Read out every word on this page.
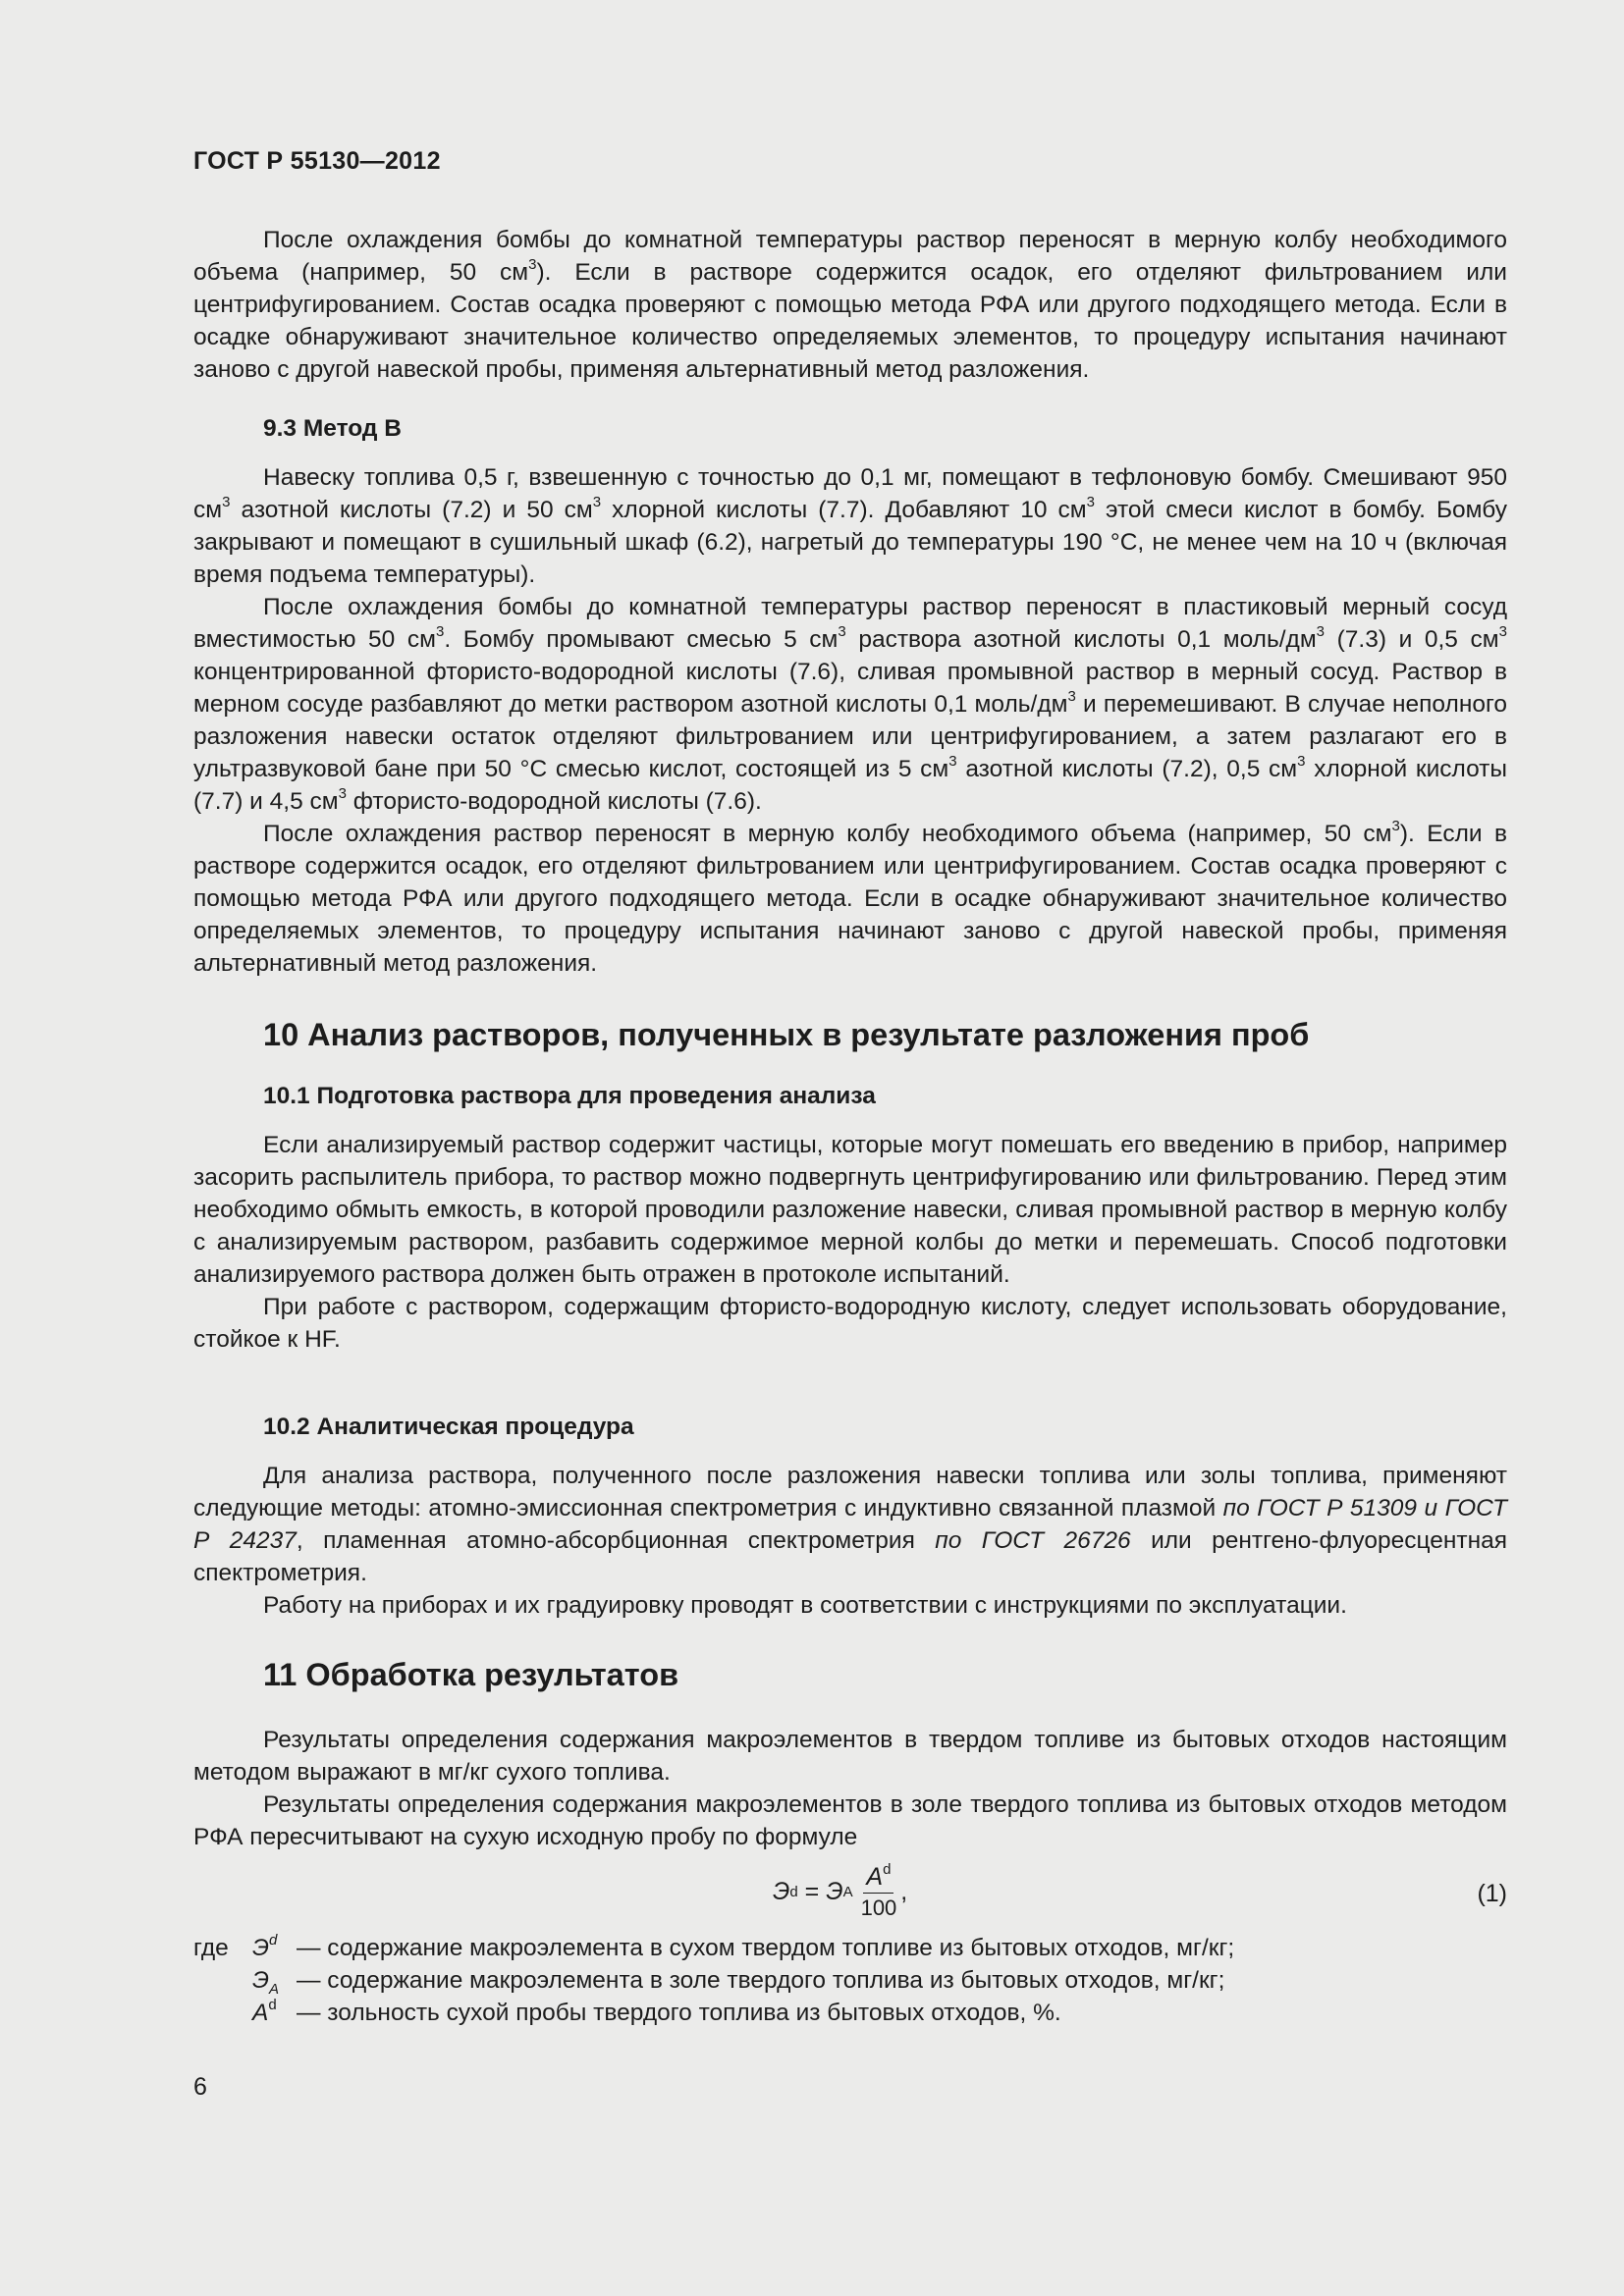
ГОСТ Р 55130—2012

После охлаждения бомбы до комнатной температуры раствор переносят в мерную колбу необходимого объема (например, 50 $см^3$). Если в растворе содержится осадок, его отделяют фильтрованием или центрифугированием. Состав осадка проверяют с помощью метода РФА или другого подходящего метода. Если в осадке обнаруживают значительное количество определяемых элементов, то процедуру испытания начинают заново с другой навеской пробы, применяя альтернативный метод разложения.

9.3 Метод В

Навеску топлива 0,5 г, взвешенную с точностью до 0,1 мг, помещают в тефлоновую бомбу. Смешивают 950 $см^3$ азотной кислоты (7.2) и 50 $см^3$ хлорной кислоты (7.7). Добавляют 10 $см^3$ этой смеси кислот в бомбу. Бомбу закрывают и помещают в сушильный шкаф (6.2), нагретый до температуры 190 °С, не менее чем на 10 ч (включая время подъема температуры).

После охлаждения бомбы до комнатной температуры раствор переносят в пластиковый мерный сосуд вместимостью 50 $см^3$. Бомбу промывают смесью 5 $см^3$ раствора азотной кислоты 0,1 моль/$дм^3$ (7.3) и 0,5 $см^3$ концентрированной фтористо-водородной кислоты (7.6), сливая промывной раствор в мерный сосуд. Раствор в мерном сосуде разбавляют до метки раствором азотной кислоты 0,1 моль/$дм^3$ и перемешивают. В случае неполного разложения навески остаток отделяют фильтрованием или центрифугированием, а затем разлагают его в ультразвуковой бане при 50 °С смесью кислот, состоящей из 5 $см^3$ азотной кислоты (7.2), 0,5 $см^3$ хлорной кислоты (7.7) и 4,5 $см^3$ фтористо-водородной кислоты (7.6).

После охлаждения раствор переносят в мерную колбу необходимого объема (например, 50 $см^3$). Если в растворе содержится осадок, его отделяют фильтрованием или центрифугированием. Состав осадка проверяют с помощью метода РФА или другого подходящего метода. Если в осадке обнаруживают значительное количество определяемых элементов, то процедуру испытания начинают заново с другой навеской пробы, применяя альтернативный метод разложения.

10 Анализ растворов, полученных в результате разложения проб

10.1 Подготовка раствора для проведения анализа

Если анализируемый раствор содержит частицы, которые могут помешать его введению в прибор, например засорить распылитель прибора, то раствор можно подвергнуть центрифугированию или фильтрованию. Перед этим необходимо обмыть емкость, в которой проводили разложение навески, сливая промывной раствор в мерную колбу с анализируемым раствором, разбавить содержимое мерной колбы до метки и перемешать. Способ подготовки анализируемого раствора должен быть отражен в протоколе испытаний.

При работе с раствором, содержащим фтористо-водородную кислоту, следует использовать оборудование, стойкое к HF.

10.2 Аналитическая процедура

Для анализа раствора, полученного после разложения навески топлива или золы топлива, применяют следующие методы: атомно-эмиссионная спектрометрия с индуктивно связанной плазмой по ГОСТ Р 51309 и ГОСТ Р 24237, пламенная атомно-абсорбционная спектрометрия по ГОСТ 26726 или рентгено-флуоресцентная спектрометрия.

Работу на приборах и их градуировку проводят в соответствии с инструкциями по эксплуатации.

11 Обработка результатов

Результаты определения содержания макроэлементов в твердом топливе из бытовых отходов настоящим методом выражают в мг/кг сухого топлива.

Результаты определения содержания макроэлементов в золе твердого топлива из бытовых отходов методом РФА пересчитывают на сухую исходную пробу по формуле

Э d = Э A $\frac{A^d}{100}$ ,	(1)
где $Э^d$ — содержание макроэлемента в сухом твердом топливе из бытовых отходов, мг/кг;
$Э_A$ — содержание макроэлемента в золе твердого топлива из бытовых отходов, мг/кг;
$A^d$ — зольность сухой пробы твердого топлива из бытовых отходов, %.
6
